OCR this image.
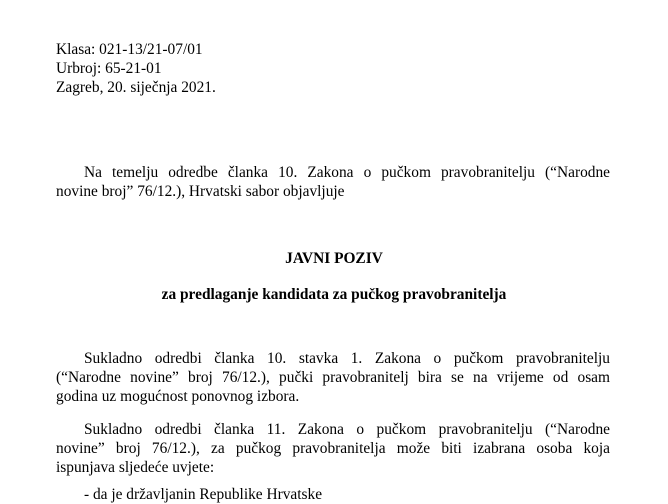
Klasa: 021-13/21-07/01
Urbroj: 65-21-01
Zagreb, 20. siječnja 2021.
Na temelju odredbe članka 10. Zakona o pučkom pravobranitelju (“Narodne
novine broj” 76/12.), Hrvatski sabor objavljuje
JAVNI POZIV
za predlaganje kandidata za pučkog pravobranitelja
Sukladno odredbi članka 10. stavka 1. Zakona o pučkom pravobranitelju
(“Narodne novine” broj 76/12.), pučki pravobranitelj bira se na vrijeme od osam
godina uz mogućnost ponovnog izbora.
Sukladno odredbi članka 11. Zakona o pučkom pravobranitelju (“Narodne
novine” broj 76/12.), za pučkog pravobranitelja može biti izabrana osoba koja
ispunjava sljedeće uvjete:
- da je državljanin Republike Hrvatske
